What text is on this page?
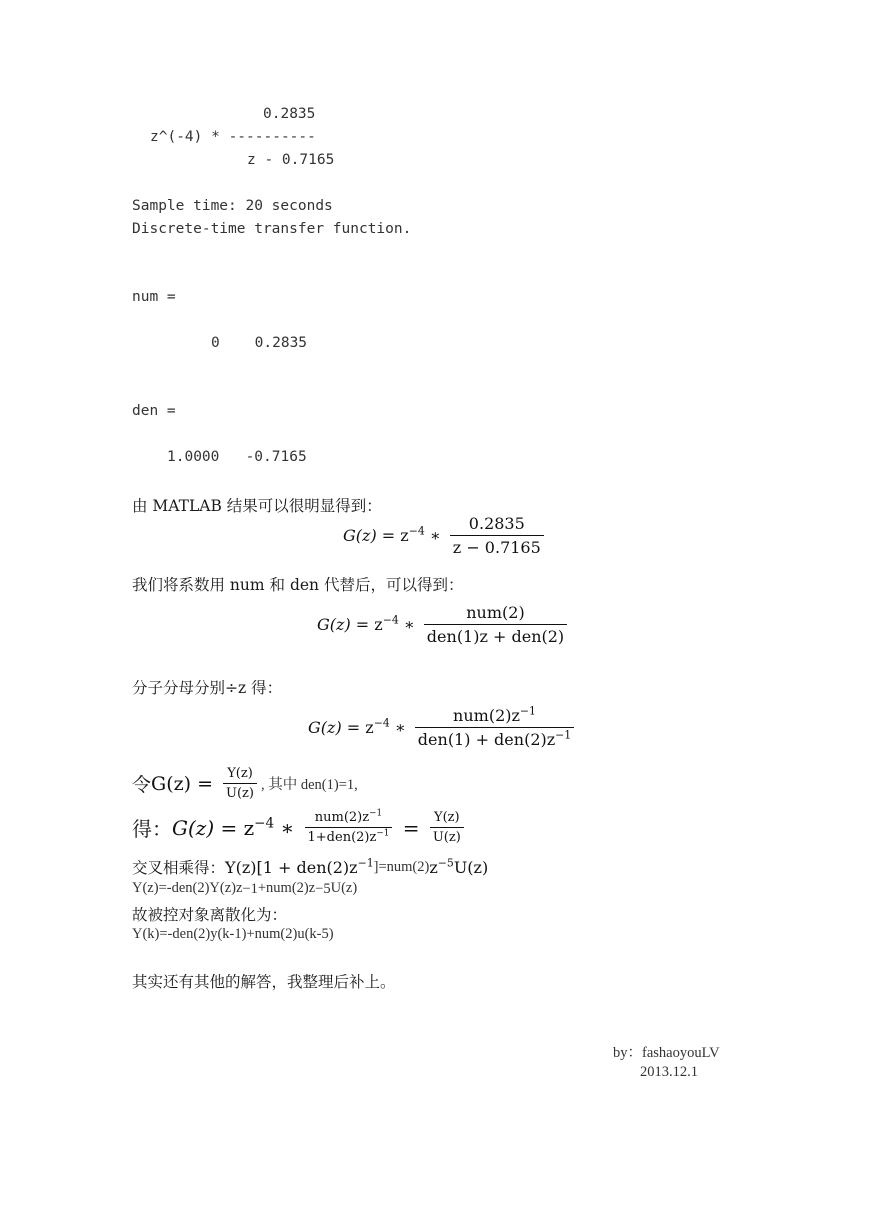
0.2835
z^(-4) * ----------
z - 0.7165
Sample time: 20 seconds
Discrete-time transfer function.
num =
0    0.2835
den =
1.0000   -0.7165
由 MATLAB 结果可以很明显得到：
$G(z) = z^{-4}$ ∗ $\frac{0.2835}{z - 0.7165}$
我们将系数用 num 和 den 代替后，可以得到：
$G(z) = z^{-4}$ ∗ $\frac{\text{num(2)}}{\text{den(1)z + den(2)}}$
分子分母分别÷z 得：
$G(z) = z^{-4}$ ∗ $\frac{num(2)z^{-1}}{den(1) + den(2)z^{-1}}$
令 $G(z) = \frac{Y(z)}{U(z)}$ , 其中 den(1)=1,
得： $G(z) = z^{-4}$ ∗ $\frac{num(2)z^{-1}}{1+den(2)z^{-1}} = \frac{Y(z)}{U(z)}$
交叉相乘得： $Y(z)[1 + den(2)z^{-1}$ ]=num(2) $z^{-5}$ U(z)
Y(z)=-den(2)Y(z)z −1 +num(2)z −5 U(z)
故被控对象离散化为：
Y(k)=-den(2)y(k-1)+num(2)u(k-5)
其实还有其他的解答，我整理后补上。
by：fashaoyouLV
2013.12.1
